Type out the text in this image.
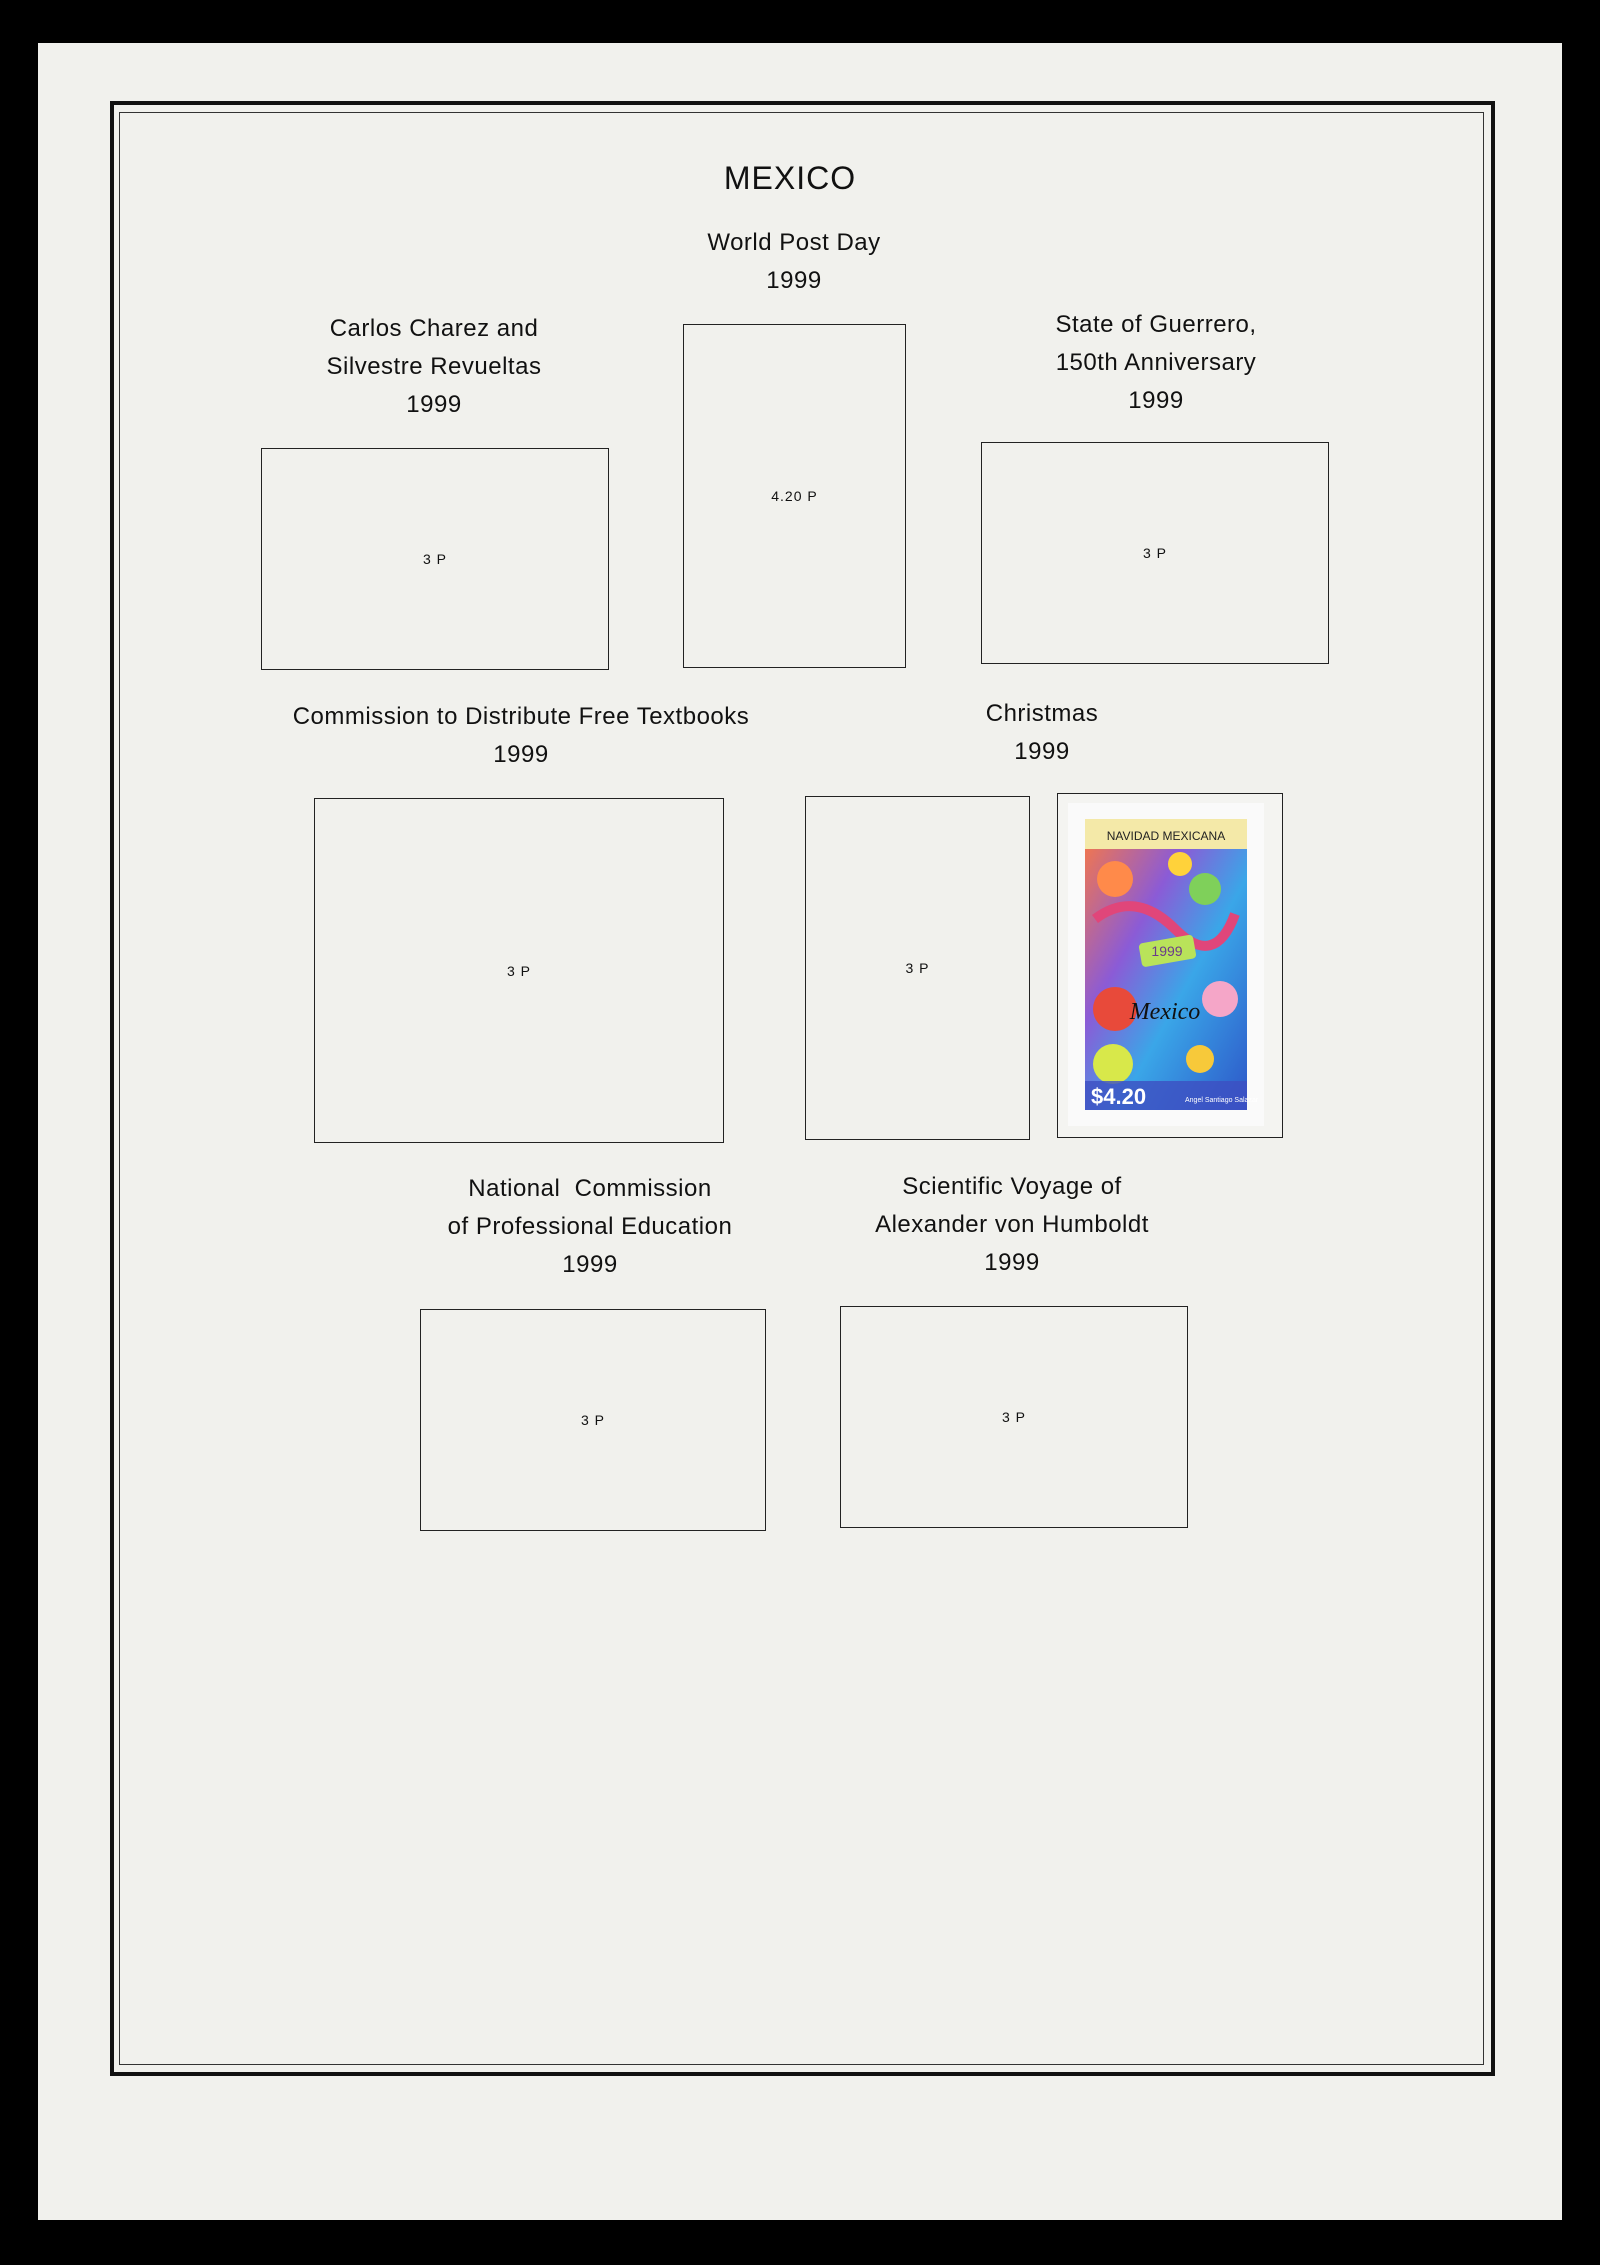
MEXICO
World Post Day
1999
4.20 P
Carlos Charez and
Silvestre Revueltas
1999
3 P
State of Guerrero,
150th Anniversary
1999
3 P
Commission to Distribute Free Textbooks
1999
3 P
Christmas
1999
3 P
NAVIDAD MEXICANA
1999
Mexico
$4.20	Angel Santiago Salazar
National  Commission
of Professional Education
1999
3 P
Scientific Voyage of
Alexander von Humboldt
1999
3 P
